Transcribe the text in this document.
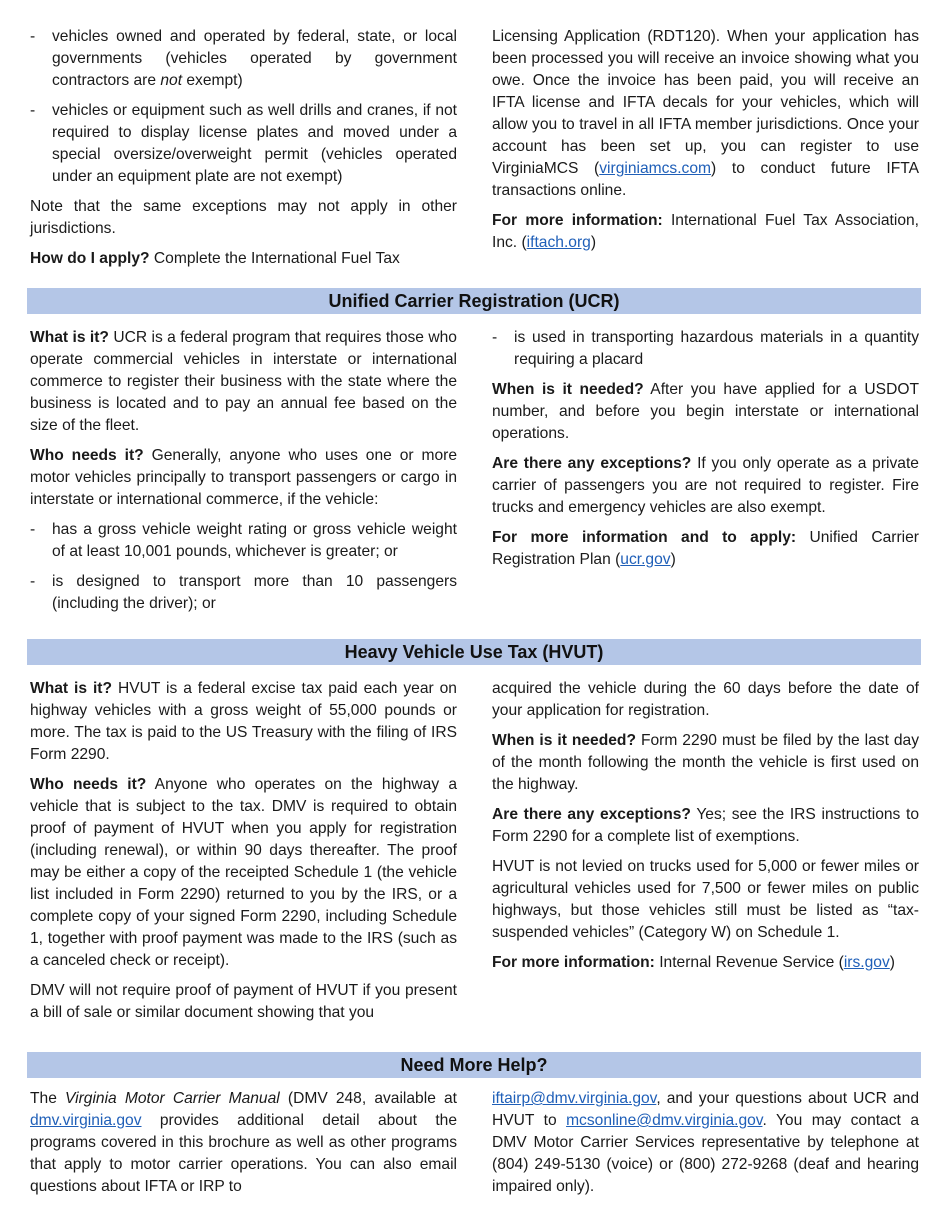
- vehicles owned and operated by federal, state, or local governments (vehicles operated by government contractors are not exempt)
- vehicles or equipment such as well drills and cranes, if not required to display license plates and moved under a special oversize/overweight permit (vehicles operated under an equipment plate are not exempt)

Note that the same exceptions may not apply in other jurisdictions.

How do I apply? Complete the International Fuel Tax

Licensing Application (RDT120). When your application has been processed you will receive an invoice showing what you owe. Once the invoice has been paid, you will receive an IFTA license and IFTA decals for your vehicles, which will allow you to travel in all IFTA member jurisdictions. Once your account has been set up, you can register to use VirginiaMCS (virginiamcs.com) to conduct future IFTA transactions online.

For more information: International Fuel Tax Association, Inc. (iftach.org)

Unified Carrier Registration (UCR)

What is it? UCR is a federal program that requires those who operate commercial vehicles in interstate or international commerce to register their business with the state where the business is located and to pay an annual fee based on the size of the fleet.

Who needs it? Generally, anyone who uses one or more motor vehicles principally to transport passengers or cargo in interstate or international commerce, if the vehicle:

- has a gross vehicle weight rating or gross vehicle weight of at least 10,001 pounds, whichever is greater; or
- is designed to transport more than 10 passengers (including the driver); or
- is used in transporting hazardous materials in a quantity requiring a placard

When is it needed? After you have applied for a USDOT number, and before you begin interstate or international operations.

Are there any exceptions? If you only operate as a private carrier of passengers you are not required to register. Fire trucks and emergency vehicles are also exempt.

For more information and to apply: Unified Carrier Registration Plan (ucr.gov)

Heavy Vehicle Use Tax (HVUT)

What is it? HVUT is a federal excise tax paid each year on highway vehicles with a gross weight of 55,000 pounds or more. The tax is paid to the US Treasury with the filing of IRS Form 2290.

Who needs it? Anyone who operates on the highway a vehicle that is subject to the tax. DMV is required to obtain proof of payment of HVUT when you apply for registration (including renewal), or within 90 days thereafter. The proof may be either a copy of the receipted Schedule 1 (the vehicle list included in Form 2290) returned to you by the IRS, or a complete copy of your signed Form 2290, including Schedule 1, together with proof payment was made to the IRS (such as a canceled check or receipt).

DMV will not require proof of payment of HVUT if you present a bill of sale or similar document showing that you

acquired the vehicle during the 60 days before the date of your application for registration.

When is it needed? Form 2290 must be filed by the last day of the month following the month the vehicle is first used on the highway.

Are there any exceptions? Yes; see the IRS instructions to Form 2290 for a complete list of exemptions.

HVUT is not levied on trucks used for 5,000 or fewer miles or agricultural vehicles used for 7,500 or fewer miles on public highways, but those vehicles still must be listed as “tax-suspended vehicles” (Category W) on Schedule 1.

For more information: Internal Revenue Service (irs.gov)

Need More Help?

The Virginia Motor Carrier Manual (DMV 248, available at dmv.virginia.gov provides additional detail about the programs covered in this brochure as well as other programs that apply to motor carrier operations. You can also email questions about IFTA or IRP to

iftairp@dmv.virginia.gov, and your questions about UCR and HVUT to mcsonline@dmv.virginia.gov. You may contact a DMV Motor Carrier Services representative by telephone at (804) 249-5130 (voice) or (800) 272-9268 (deaf and hearing impaired only).
